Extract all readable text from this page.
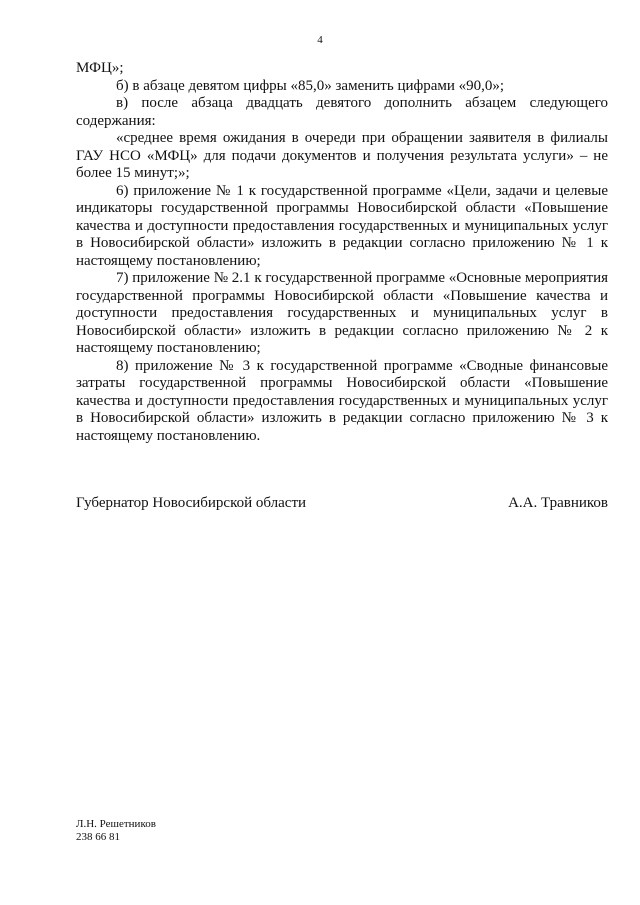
4

МФЦ»;

б) в абзаце девятом цифры «85,0» заменить цифрами «90,0»;

в) после абзаца двадцать девятого дополнить абзацем следующего содержания:

«среднее время ожидания в очереди при обращении заявителя в филиалы ГАУ НСО «МФЦ» для подачи документов и получения результата услуги» – не более 15 минут;»;

6) приложение № 1 к государственной программе «Цели, задачи и целевые индикаторы государственной программы Новосибирской области «Повышение качества и доступности предоставления государственных и муниципальных услуг в Новосибирской области» изложить в редакции согласно приложению № 1 к настоящему постановлению;

7) приложение № 2.1 к государственной программе «Основные мероприятия государственной программы Новосибирской области «Повышение качества и доступности предоставления государственных и муниципальных услуг в Новосибирской области» изложить в редакции согласно приложению № 2 к настоящему постановлению;

8) приложение № 3 к государственной программе «Сводные финансовые затраты государственной программы Новосибирской области «Повышение качества и доступности предоставления государственных и муниципальных услуг в Новосибирской области» изложить в редакции согласно приложению № 3 к настоящему постановлению.

Губернатор Новосибирской области	А.А. Травников
Л.Н. Решетников
238 66 81
